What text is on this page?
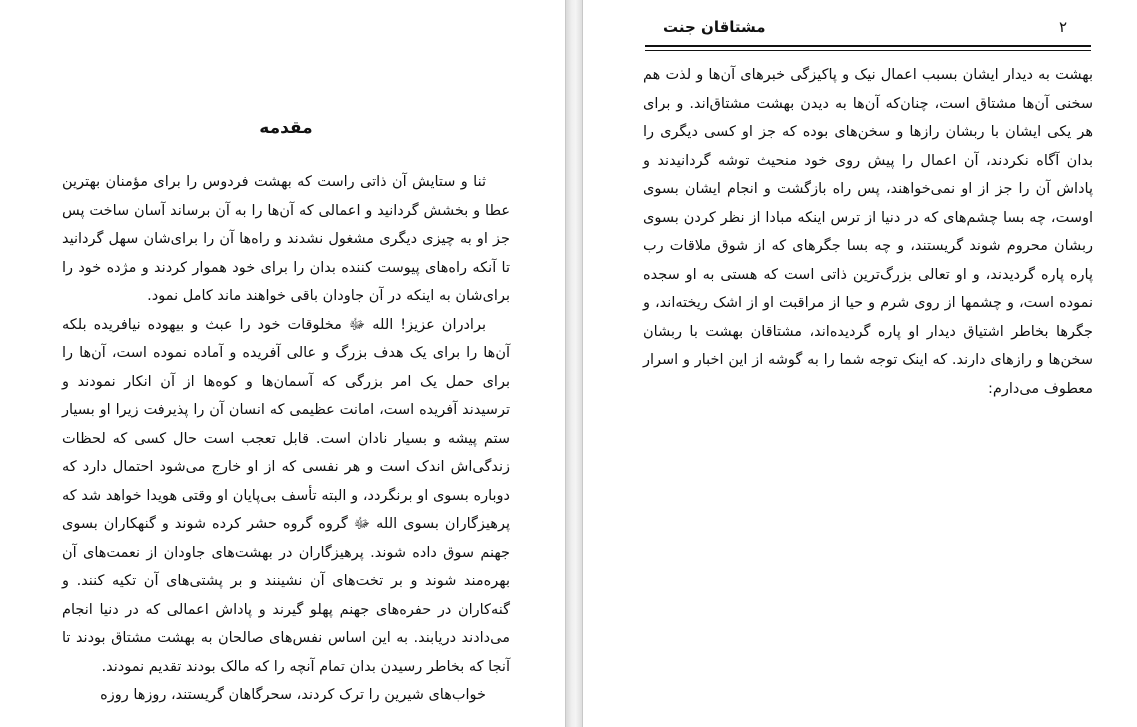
مقدمه

ثنا و ستایش آن ذاتی راست که بهشت فردوس را برای مؤمنان بهترین عطا و بخشش گردانید و اعمالی که آن‌ها را به آن برساند آسان ساخت پس جز او به چیزی دیگری مشغول نشدند و راه‌ها آن را برای‌شان سهل گردانید تا آنکه راه‌های پیوست کننده بدان را برای خود هموار کردند و مژده خود را برای‌شان به اینکه در آن جاودان باقی خواهند ماند کامل نمود.

برادران عزیز! الله ﷻ مخلوقات خود را عبث و بیهوده نیافریده بلکه آن‌ها را برای یک هدف بزرگ و عالی آفریده و آماده نموده است، آن‌ها را برای حمل یک امر بزرگی که آسمان‌ها و کوه‌ها از آن انکار نمودند و ترسیدند آفریده است، امانت عظیمی که انسان آن را پذیرفت زیرا او بسیار ستم پیشه و بسیار نادان است. قابل تعجب است حال کسی که لحظات زندگی‌اش اندک است و هر نفسی که از او خارج می‌شود احتمال دارد که دوباره بسوی او برنگردد، و البته تأسف بی‌پایان او وقتی هویدا خواهد شد که پرهیزگاران بسوی الله ﷻ گروه گروه حشر کرده شوند و گنهکاران بسوی جهنم سوق داده شوند. پرهیزگاران در بهشت‌های جاودان از نعمت‌های آن بهره‌مند شوند و بر تخت‌های آن نشینند و بر پشتی‌های آن تکیه کنند. و گنه‌کاران در حفره‌های جهنم پهلو گیرند و پاداش اعمالی که در دنیا انجام می‌دادند دریابند. به این اساس نفس‌های صالحان به بهشت مشتاق بودند تا آنجا که بخاطر رسیدن بدان تمام آنچه را که مالک بودند تقدیم نمودند.

خواب‌های شیرین را ترک کردند، سحرگاهان گریستند، روزها روزه

مشتاقان جنت	۲

بهشت به دیدار ایشان بسبب اعمال نیک و پاکیزگی خبرهای آن‌ها و لذت هم سخنی آن‌ها مشتاق است، چنان‌که آن‌ها به دیدن بهشت مشتاق‌اند. و برای هر یکی ایشان با ربشان رازها و سخن‌های بوده که جز او کسی دیگری را بدان آگاه نکردند، آن اعمال را پیش روی خود منحیث توشه گردانیدند و پاداش آن را جز از او نمی‌خواهند، پس راه بازگشت و انجام ایشان بسوی اوست، چه بسا چشم‌های که در دنیا از ترس اینکه مبادا از نظر کردن بسوی ربشان محروم شوند گریستند، و چه بسا جگرهای که از شوق ملاقات رب پاره پاره گردیدند، و او تعالی بزرگ‌ترین ذاتی است که هستی به او سجده نموده است، و چشمها از روی شرم و حیا از مراقبت او از اشک ریخته‌اند، و جگرها بخاطر اشتیاق دیدار او پاره گردیده‌اند، مشتاقان بهشت با ربشان سخن‌ها و رازهای دارند. که اینک توجه شما را به گوشه از این اخبار و اسرار معطوف می‌دارم:
